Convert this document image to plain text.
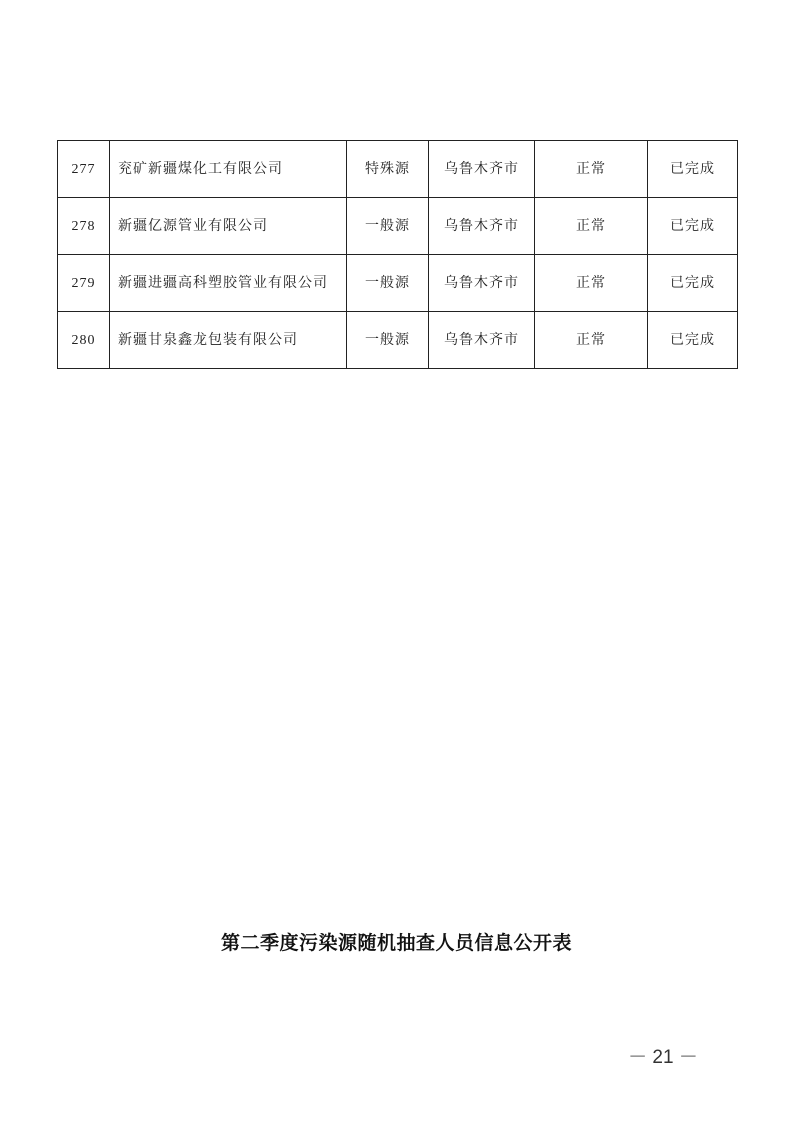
277	兖矿新疆煤化工有限公司	特殊源	乌鲁木齐市	正常	已完成
278	新疆亿源管业有限公司	一般源	乌鲁木齐市	正常	已完成
279	新疆进疆高科塑胶管业有限公司	一般源	乌鲁木齐市	正常	已完成
280	新疆甘泉鑫龙包装有限公司	一般源	乌鲁木齐市	正常	已完成
第二季度污染源随机抽查人员信息公开表
－ 21 －
